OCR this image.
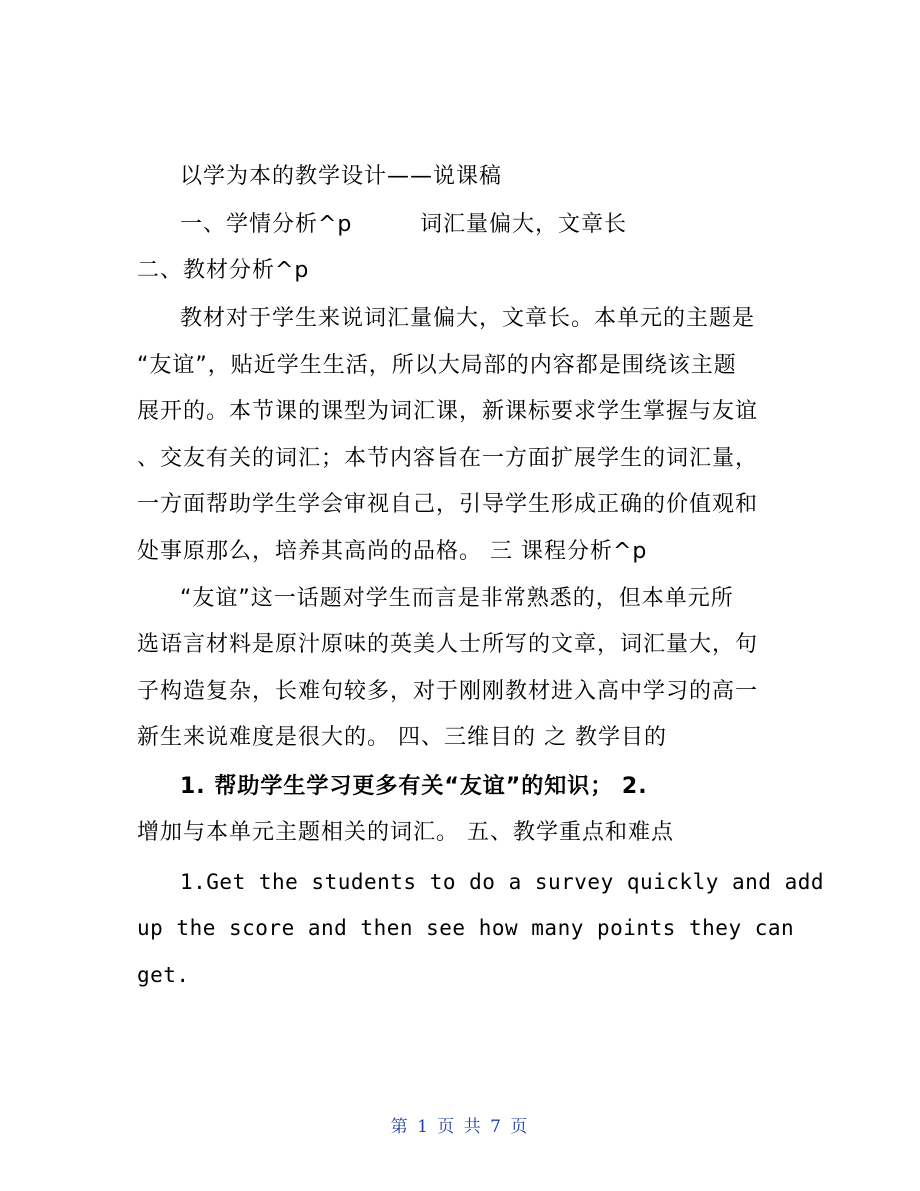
以学为本的教学设计——说课稿
一、学情分析^p	词汇量偏大，文章长
二、教材分析^p
教材对于学生来说词汇量偏大，文章长。本单元的主题是
“友谊”，贴近学生生活，所以大局部的内容都是围绕该主题
展开的。本节课的课型为词汇课，新课标要求学生掌握与友谊
、交友有关的词汇；本节内容旨在一方面扩展学生的词汇量，
一方面帮助学生学会审视自己，引导学生形成正确的价值观和
处事原那么，培养其高尚的品格。 三 课程分析^p
“友谊”这一话题对学生而言是非常熟悉的，但本单元所
选语言材料是原汁原味的英美人士所写的文章，词汇量大，句
子构造复杂，长难句较多，对于刚刚教材进入高中学习的高一
新生来说难度是很大的。 四、三维目的 之 教学目的
1. 帮助学生学习更多有关“友谊”的知识； 2.
增加与本单元主题相关的词汇。 五、教学重点和难点
1.Get the students to do a survey quickly and add
up the score and then see how many points they can
get.
第 1 页 共 7 页
